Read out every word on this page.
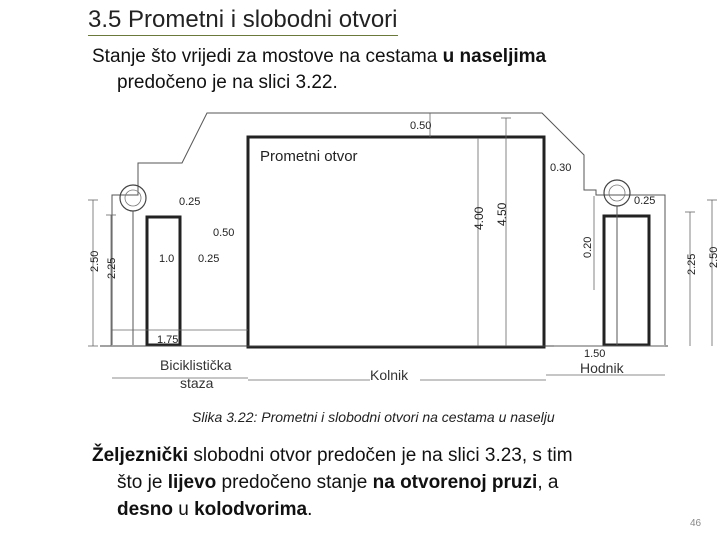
3.5 Prometni i slobodni otvori
Stanje što vrijedi za mostove na cestama u naseljima
predočeno je na slici 3.22.
Prometni otvor
0.50
0.30
4.00 4.50
0.25
0.50
1.0 0.25
2.50 2.25
1.75
0.25
0.20
2.25 2.50
1.50
Biciklistička staza	Kolnik	Hodnik
Slika 3.22: Prometni i slobodni otvori na cestama u naselju
Željeznički slobodni otvor predočen je na slici 3.23, s tim
što je lijevo predočeno stanje na otvorenoj pruzi, a
desno u kolodvorima.
46
